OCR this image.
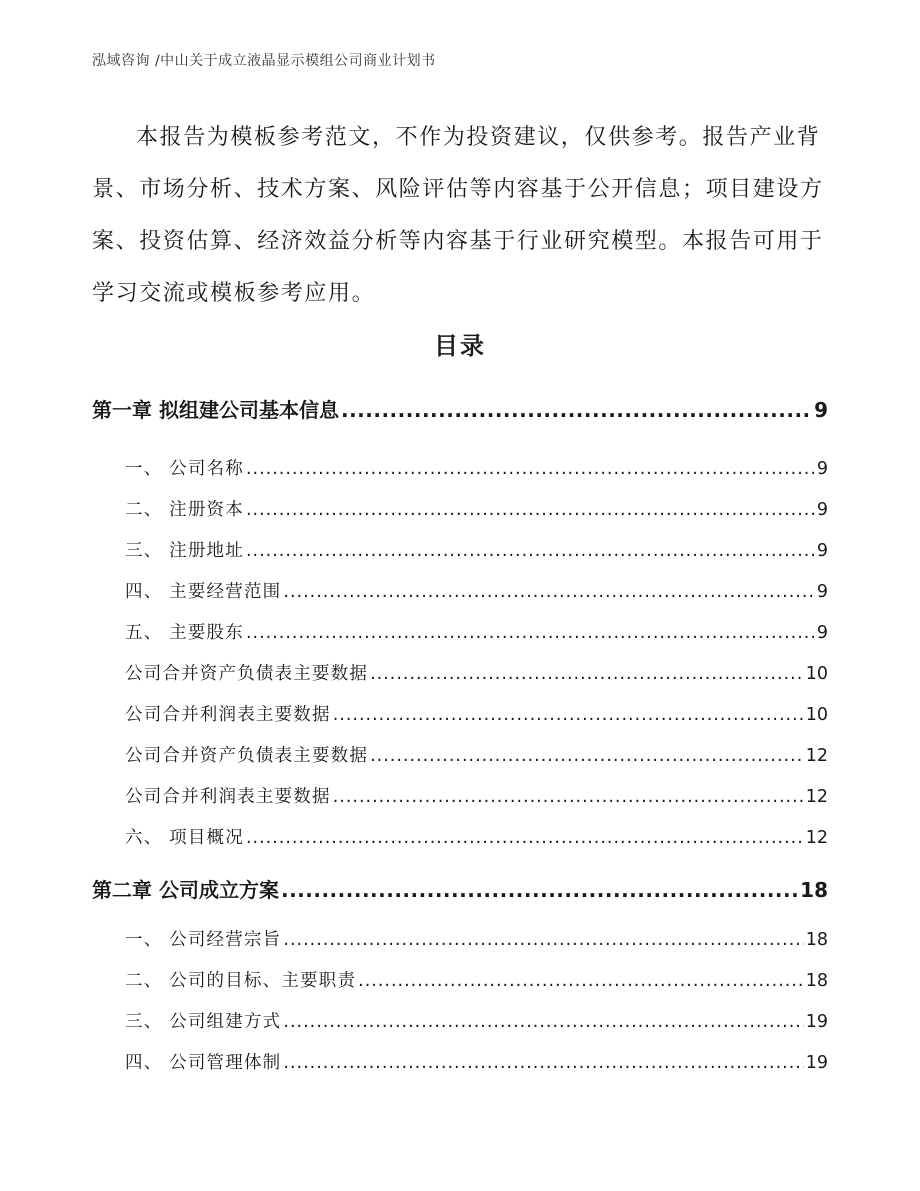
泓域咨询 /中山关于成立液晶显示模组公司商业计划书

本报告为模板参考范文，不作为投资建议，仅供参考。报告产业背景、市场分析、技术方案、风险评估等内容基于公开信息；项目建设方案、投资估算、经济效益分析等内容基于行业研究模型。本报告可用于学习交流或模板参考应用。

目录
第一章 拟组建公司基本信息 .....	9
一、 公司名称 .....	9
二、 注册资本 .....	9
三、 注册地址 .....	9
四、 主要经营范围 .....	9
五、 主要股东 .....	9
公司合并资产负债表主要数据 .....	10
公司合并利润表主要数据 .....	10
公司合并资产负债表主要数据 .....	12
公司合并利润表主要数据 .....	12
六、 项目概况 .....	12
第二章 公司成立方案 .....	18
一、 公司经营宗旨 .....	18
二、 公司的目标、主要职责 .....	18
三、 公司组建方式 .....	19
四、 公司管理体制 .....	19
